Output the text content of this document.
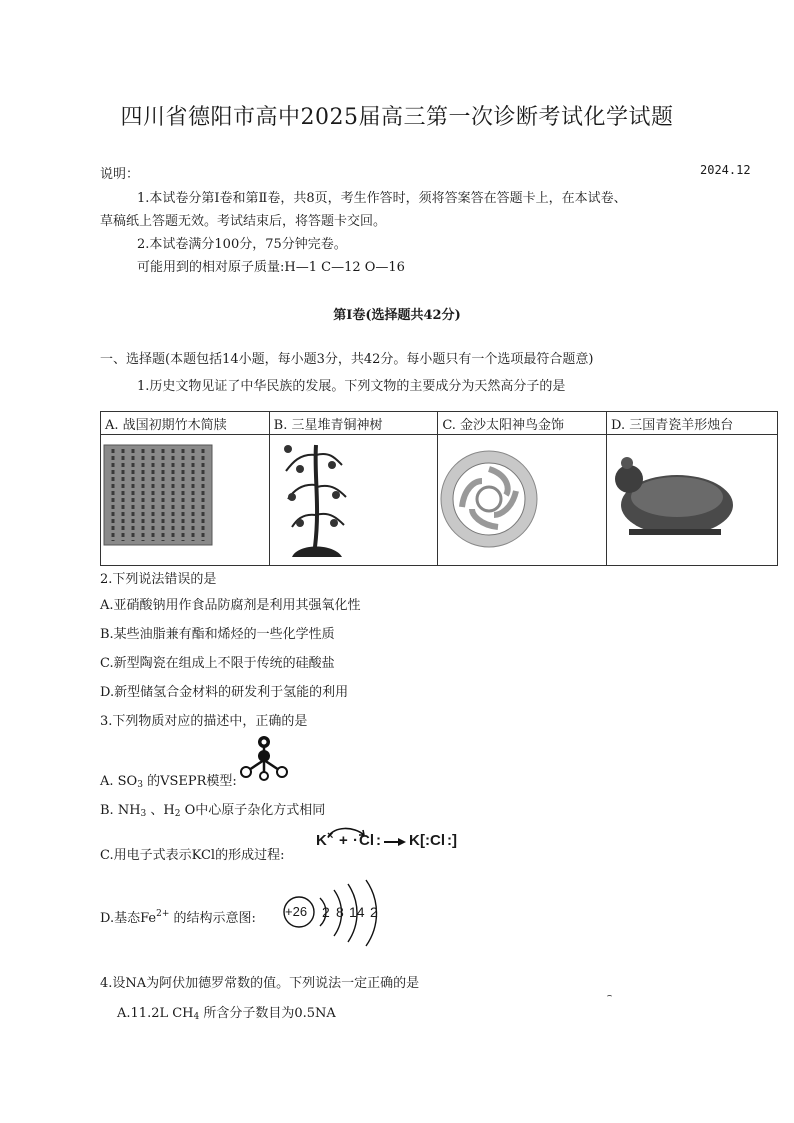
四川省德阳市高中2025届高三第一次诊断考试化学试题
说明：	2024.12
1.本试卷分第Ⅰ卷和第Ⅱ卷，共8页，考生作答时，须将答案答在答题卡上，在本试卷、
草稿纸上答题无效。考试结束后，将答题卡交回。
2.本试卷满分100分，75分钟完卷。
可能用到的相对原子质量:H—1 C—12 O—16
第Ⅰ卷(选择题共42分)
一、选择题(本题包括14小题，每小题3分，共42分。每小题只有一个选项最符合题意)
1.历史文物见证了中华民族的发展。下列文物的主要成分为天然高分子的是
A. 战国初期竹木简牍	B. 三星堆青铜神树	C. 金沙太阳神鸟金饰	D. 三国青瓷羊形烛台

2.下列说法错误的是
A.亚硝酸钠用作食品防腐剂是利用其强氧化性
B.某些油脂兼有酯和烯烃的一些化学性质
C.新型陶瓷在组成上不限于传统的硅酸盐
D.新型储氢合金材料的研发利于氢能的利用
3.下列物质对应的描述中，正确的是
A. $SO_3$ 的VSEPR模型:
B. $NH_3$ 、$H_2$ O中心原子杂化方式相同
C.用电子式表示KCl的形成过程:
K × + · Cl : → K [ : Cl : ]
D.基态$Fe^{2+}$ 的结构示意图: +26 2 8 14 2
4.设NA为阿伏加德罗常数的值。下列说法一定正确的是
A.11.2L $CH_4$ 所含分子数目为0.5NA
